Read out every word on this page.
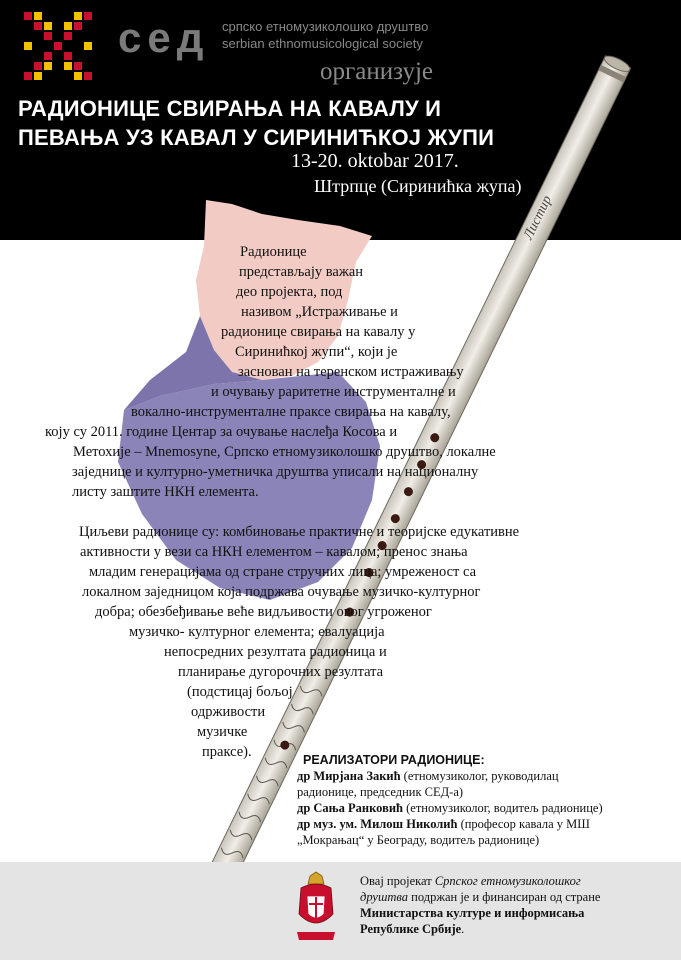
сед српско етномузиколошко друштво
serbian ethnomusicological society
организује
РАДИОНИЦЕ СВИРАЊА НА КАВАЛУ И
ПЕВАЊА УЗ КАВАЛ У СИРИНИЋКОЈ ЖУПИ
13-20. oktobar 2017.
Штрпце (Сиринићка жупа)
Листир
Радионице
представљају важан
део пројекта, под
називом „Истраживање и
радионице свирања на кавалу у
Сиринићкој жупи“, који је
заснован на теренском истраживању
и очувању раритетне инструменталне и
вокално-инструменталне праксе свирања на кавалу,
коју су 2011. године Центар за очување наслеђа Косова и
Метохије – Mnemosyne, Српско етномузиколошко друштво, локалне
заједнице и културно-уметничка друштва уписали на националну
листу заштите НКН елемента.
Циљеви радионице су: комбиновање практичне и теоријске едукативне
активности у вези са НКН елементом – кавалом; пренос знања
младим генерацијама од стране стручних лица; умреженост са
локалном заједницом која подржава очување музичко-културног
добра; обезбеђивање веће видљивости овог угроженог
музичко- културног елемента; евалуација
непосредних резултата радионица и
планирање дугорочних резултата
(подстицај бољој
одрживости
музичке
праксе).	РЕАЛИЗАТОРИ РАДИОНИЦЕ:
др Мирјана Закић (етномузиколог, руководилац
радионице, председник СЕД-а)
др Сања Ранковић (етномузиколог, водитељ радионице)
др муз. ум. Милош Николић (професор кавала у МШ
„Мокрањац“ у Београду, водитељ радионице)
Овај пројекат Српског етномузиколошког
друштва подржан је и финансиран од стране
Министарства културе и информисања
Републике Србије.
